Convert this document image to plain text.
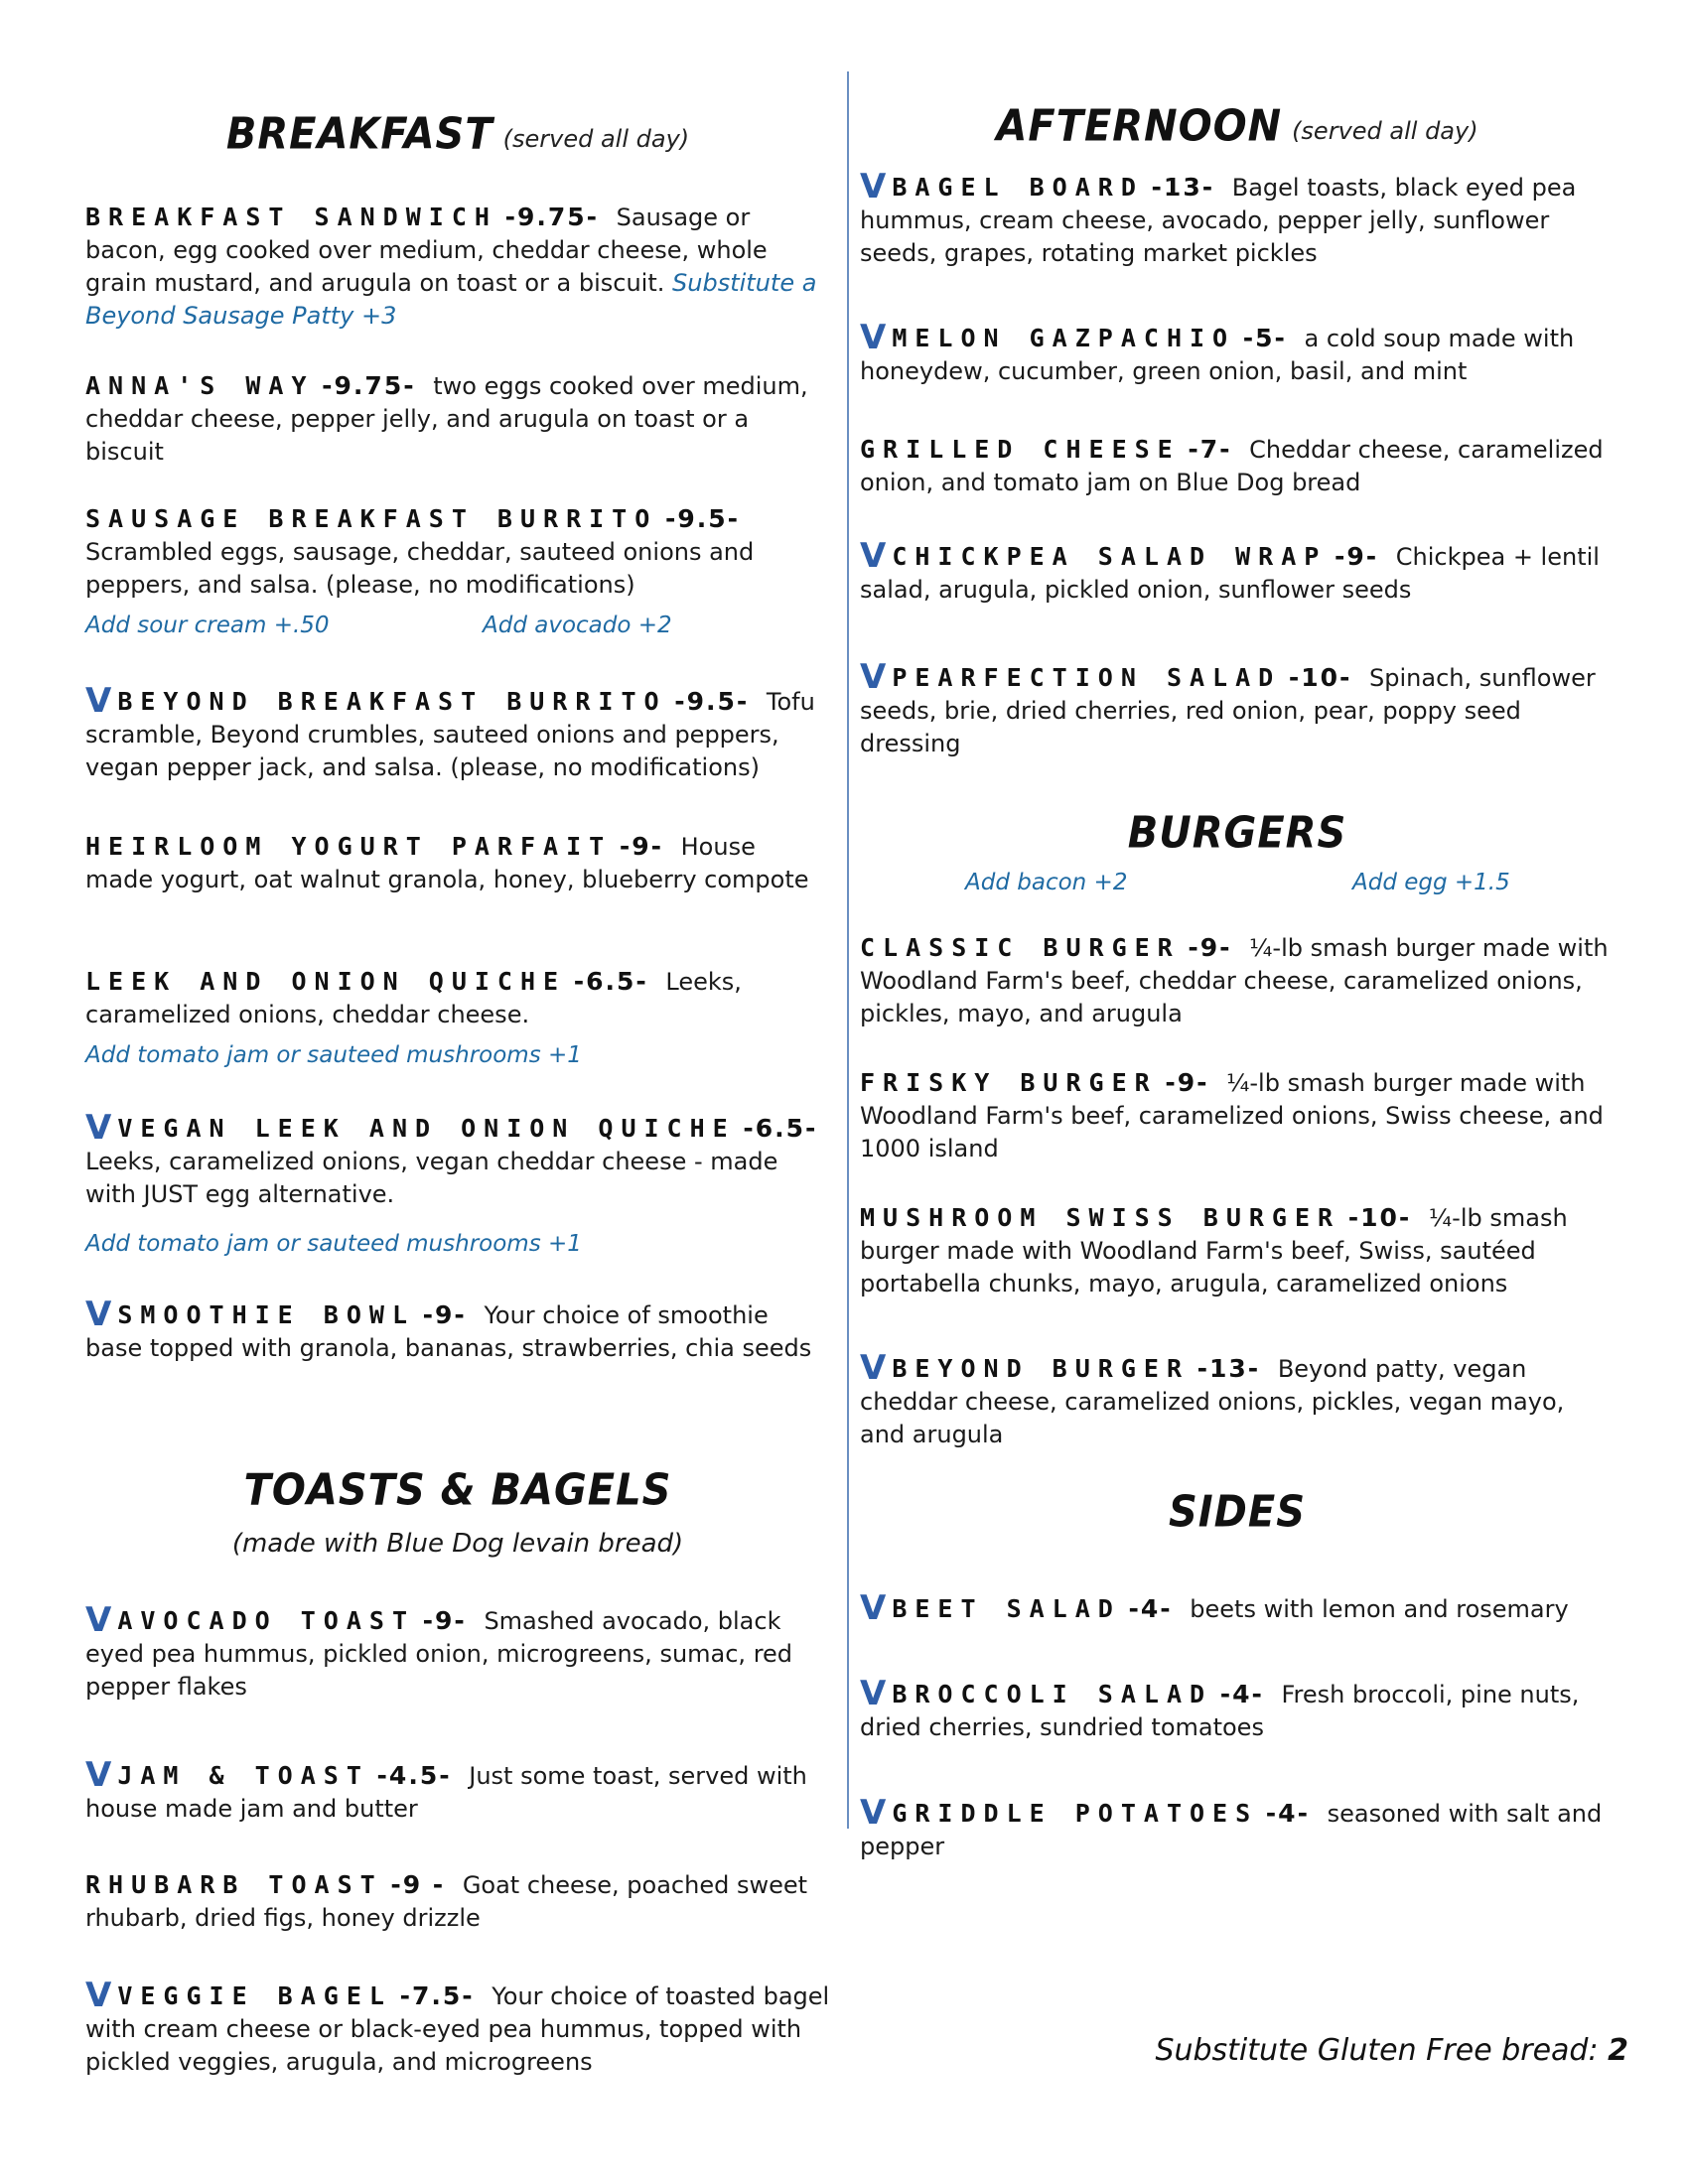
BREAKFAST (served all day)
BREAKFAST SANDWICH -9.75- Sausage or bacon, egg cooked over medium, cheddar cheese, whole grain mustard, and arugula on toast or a biscuit. Substitute a Beyond Sausage Patty +3
ANNA'S WAY -9.75- two eggs cooked over medium, cheddar cheese, pepper jelly, and arugula on toast or a biscuit
SAUSAGE BREAKFAST BURRITO -9.5- Scrambled eggs, sausage, cheddar, sauteed onions and peppers, and salsa. (please, no modifications)
Add sour cream +.50	Add avocado +2
V BEYOND BREAKFAST BURRITO -9.5- Tofu scramble, Beyond crumbles, sauteed onions and peppers, vegan pepper jack, and salsa. (please, no modifications)
HEIRLOOM YOGURT PARFAIT -9- House made yogurt, oat walnut granola, honey, blueberry compote
LEEK AND ONION QUICHE -6.5- Leeks, caramelized onions, cheddar cheese.
Add tomato jam or sauteed mushrooms +1
V VEGAN LEEK AND ONION QUICHE -6.5- Leeks, caramelized onions, vegan cheddar cheese - made with JUST egg alternative.
Add tomato jam or sauteed mushrooms +1
V SMOOTHIE BOWL -9- Your choice of smoothie base topped with granola, bananas, strawberries, chia seeds
TOASTS & BAGELS
(made with Blue Dog levain bread)
V AVOCADO TOAST -9- Smashed avocado, black eyed pea hummus, pickled onion, microgreens, sumac, red pepper flakes
V JAM & TOAST -4.5- Just some toast, served with house made jam and butter
RHUBARB TOAST -9 - Goat cheese, poached sweet rhubarb, dried figs, honey drizzle
V VEGGIE BAGEL -7.5- Your choice of toasted bagel with cream cheese or black-eyed pea hummus, topped with pickled veggies, arugula, and microgreens
AFTERNOON (served all day)
V BAGEL BOARD -13- Bagel toasts, black eyed pea hummus, cream cheese, avocado, pepper jelly, sunflower seeds, grapes, rotating market pickles
V MELON GAZPACHIO -5- a cold soup made with honeydew, cucumber, green onion, basil, and mint
GRILLED CHEESE -7- Cheddar cheese, caramelized onion, and tomato jam on Blue Dog bread
V CHICKPEA SALAD WRAP -9- Chickpea + lentil salad, arugula, pickled onion, sunflower seeds
V PEARFECTION SALAD -10- Spinach, sunflower seeds, brie, dried cherries, red onion, pear, poppy seed dressing
BURGERS
Add bacon +2	Add egg +1.5
CLASSIC BURGER -9- ¼-lb smash burger made with Woodland Farm's beef, cheddar cheese, caramelized onions, pickles, mayo, and arugula
FRISKY BURGER -9- ¼-lb smash burger made with Woodland Farm's beef, caramelized onions, Swiss cheese, and 1000 island
MUSHROOM SWISS BURGER -10- ¼-lb smash burger made with Woodland Farm's beef, Swiss, sautéed portabella chunks, mayo, arugula, caramelized onions
V BEYOND BURGER -13- Beyond patty, vegan cheddar cheese, caramelized onions, pickles, vegan mayo, and arugula
SIDES
V BEET SALAD -4- beets with lemon and rosemary
V BROCCOLI SALAD -4- Fresh broccoli, pine nuts, dried cherries, sundried tomatoes
V GRIDDLE POTATOES -4- seasoned with salt and pepper
Substitute Gluten Free bread: 2
